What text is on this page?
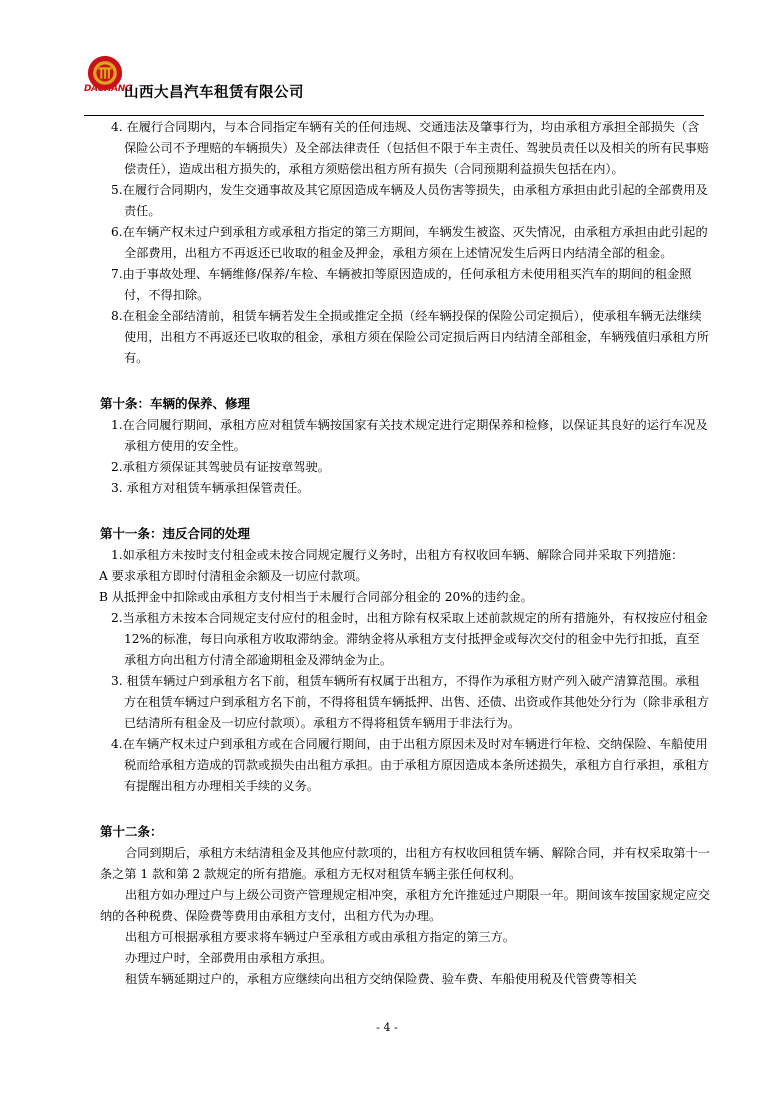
DACHANG
山西大昌汽车租赁有限公司

4. 在履行合同期内，与本合同指定车辆有关的任何违规、交通违法及肇事行为，均由承租方承担全部损失（含保险公司不予理赔的车辆损失）及全部法律责任（包括但不限于车主责任、驾驶员责任以及相关的所有民事赔偿责任），造成出租方损失的，承租方须赔偿出租方所有损失（合同预期利益损失包括在内）。

5.在履行合同期内，发生交通事故及其它原因造成车辆及人员伤害等损失，由承租方承担由此引起的全部费用及责任。

6.在车辆产权未过户到承租方或承租方指定的第三方期间，车辆发生被盗、灭失情况，由承租方承担由此引起的全部费用，出租方不再返还已收取的租金及押金，承租方须在上述情况发生后两日内结清全部的租金。

7.由于事故处理、车辆维修/保养/车检、车辆被扣等原因造成的，任何承租方未使用租买汽车的期间的租金照付，不得扣除。

8.在租金全部结清前，租赁车辆若发生全损或推定全损（经车辆投保的保险公司定损后），使承租车辆无法继续使用，出租方不再返还已收取的租金，承租方须在保险公司定损后两日内结清全部租金，车辆残值归承租方所有。

第十条：车辆的保养、修理

1.在合同履行期间，承租方应对租赁车辆按国家有关技术规定进行定期保养和检修，以保证其良好的运行车况及承租方使用的安全性。

2.承租方须保证其驾驶员有证按章驾驶。

3. 承租方对租赁车辆承担保管责任。

第十一条：违反合同的处理

1.如承租方未按时支付租金或未按合同规定履行义务时，出租方有权收回车辆、解除合同并采取下列措施：

A 要求承租方即时付清租金余额及一切应付款项。

B 从抵押金中扣除或由承租方支付相当于未履行合同部分租金的 20%的违约金。

2.当承租方未按本合同规定支付应付的租金时，出租方除有权采取上述前款规定的所有措施外，有权按应付租金 12%的标准，每日向承租方收取滞纳金。滞纳金将从承租方支付抵押金或每次交付的租金中先行扣抵，直至承租方向出租方付清全部逾期租金及滞纳金为止。

3. 租赁车辆过户到承租方名下前，租赁车辆所有权属于出租方，不得作为承租方财产列入破产清算范围。承租方在租赁车辆过户到承租方名下前，不得将租赁车辆抵押、出售、还债、出资或作其他处分行为（除非承租方已结清所有租金及一切应付款项）。承租方不得将租赁车辆用于非法行为。

4.在车辆产权未过户到承租方或在合同履行期间，由于出租方原因未及时对车辆进行年检、交纳保险、车船使用税而给承租方造成的罚款或损失由出租方承担。由于承租方原因造成本条所述损失，承租方自行承担，承租方有提醒出租方办理相关手续的义务。

第十二条：

合同到期后，承租方未结清租金及其他应付款项的，出租方有权收回租赁车辆、解除合同，并有权采取第十一条之第 1 款和第 2 款规定的所有措施。承租方无权对租赁车辆主张任何权利。

出租方如办理过户与上级公司资产管理规定相冲突，承租方允许推延过户期限一年。期间该车按国家规定应交纳的各种税费、保险费等费用由承租方支付，出租方代为办理。

出租方可根据承租方要求将车辆过户至承租方或由承租方指定的第三方。

办理过户时，全部费用由承租方承担。

租赁车辆延期过户的，承租方应继续向出租方交纳保险费、验车费、车船使用税及代管费等相关

- 4 -
